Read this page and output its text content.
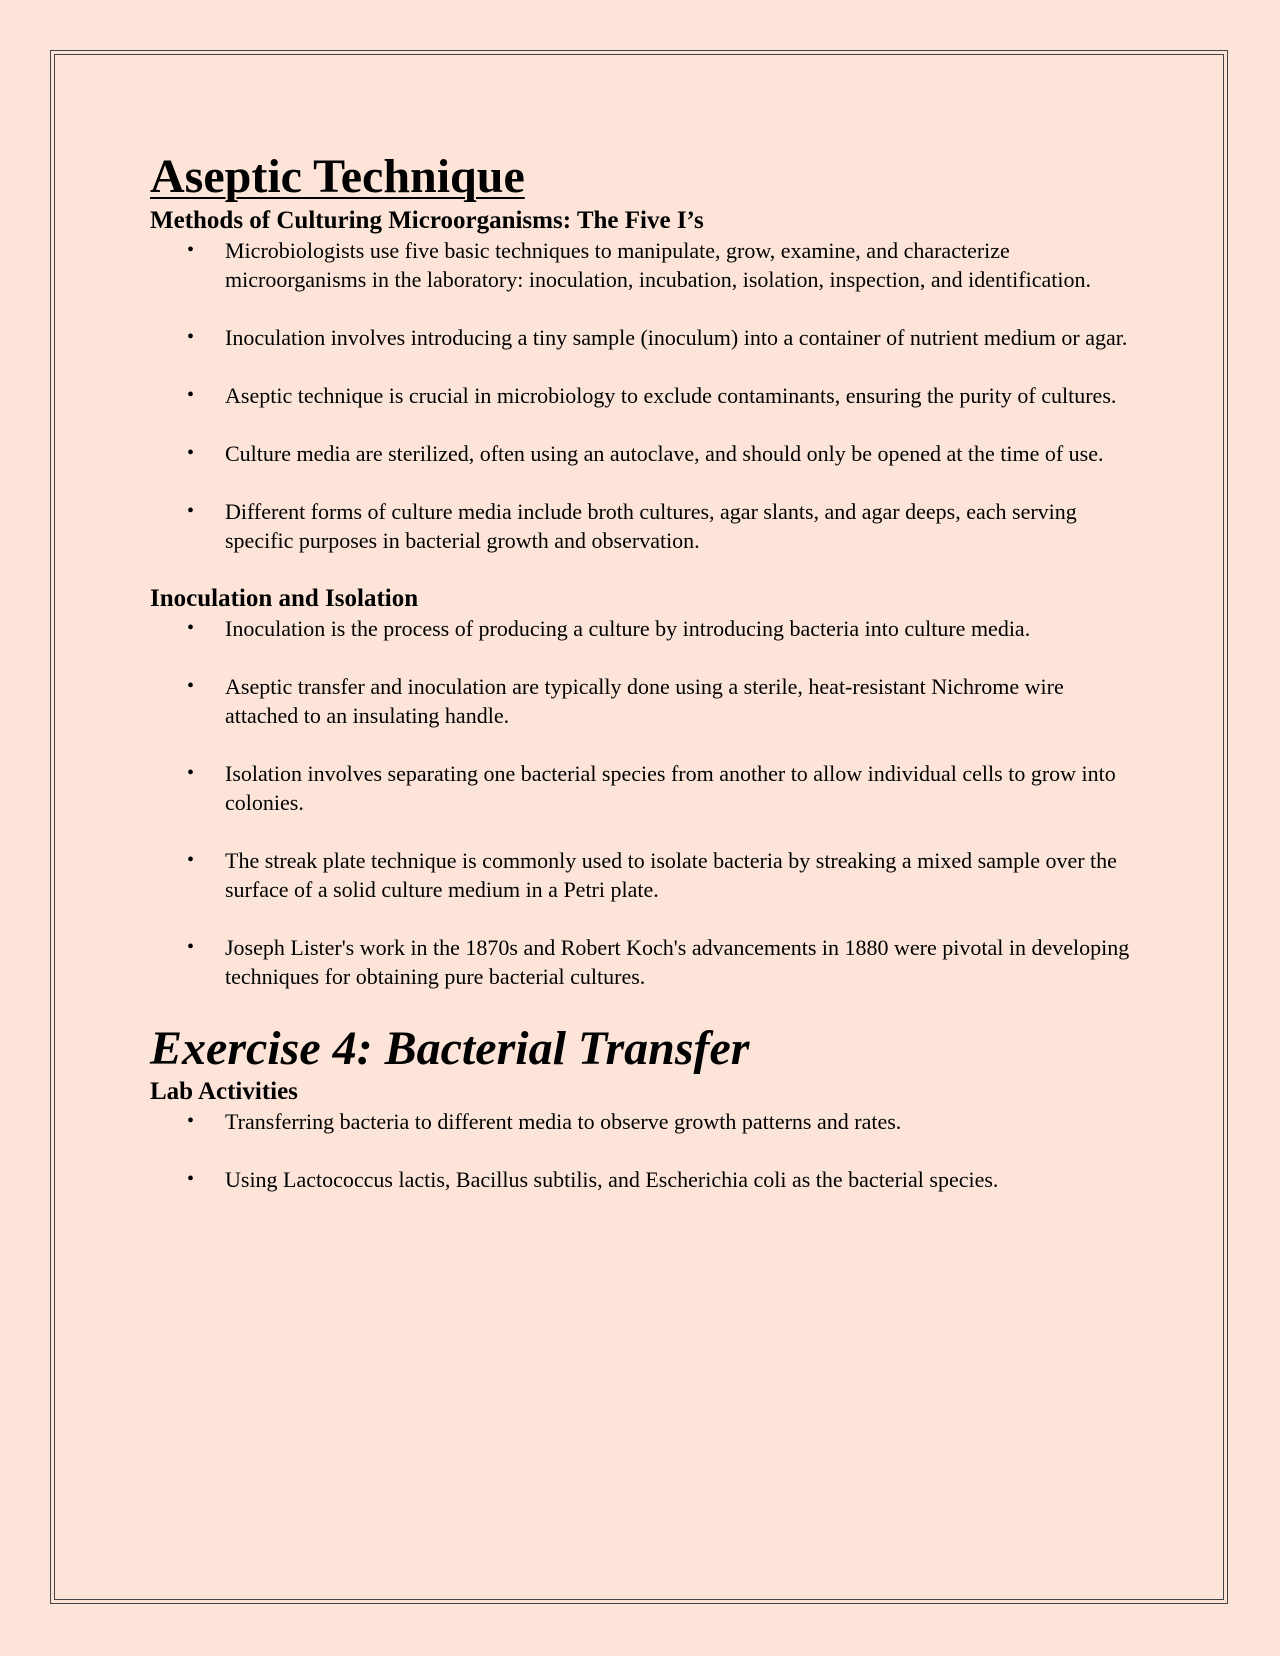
Aseptic Technique
Methods of Culturing Microorganisms: The Five I’s
• Microbiologists use five basic techniques to manipulate, grow, examine, and characterize microorganisms in the laboratory: inoculation, incubation, isolation, inspection, and identification.
• Inoculation involves introducing a tiny sample (inoculum) into a container of nutrient medium or agar.
• Aseptic technique is crucial in microbiology to exclude contaminants, ensuring the purity of cultures.
• Culture media are sterilized, often using an autoclave, and should only be opened at the time of use.
• Different forms of culture media include broth cultures, agar slants, and agar deeps, each serving specific purposes in bacterial growth and observation.
Inoculation and Isolation
• Inoculation is the process of producing a culture by introducing bacteria into culture media.
• Aseptic transfer and inoculation are typically done using a sterile, heat-resistant Nichrome wire attached to an insulating handle.
• Isolation involves separating one bacterial species from another to allow individual cells to grow into colonies.
• The streak plate technique is commonly used to isolate bacteria by streaking a mixed sample over the surface of a solid culture medium in a Petri plate.
• Joseph Lister's work in the 1870s and Robert Koch's advancements in 1880 were pivotal in developing techniques for obtaining pure bacterial cultures.
Exercise 4: Bacterial Transfer
Lab Activities
• Transferring bacteria to different media to observe growth patterns and rates.
• Using Lactococcus lactis, Bacillus subtilis, and Escherichia coli as the bacterial species.
